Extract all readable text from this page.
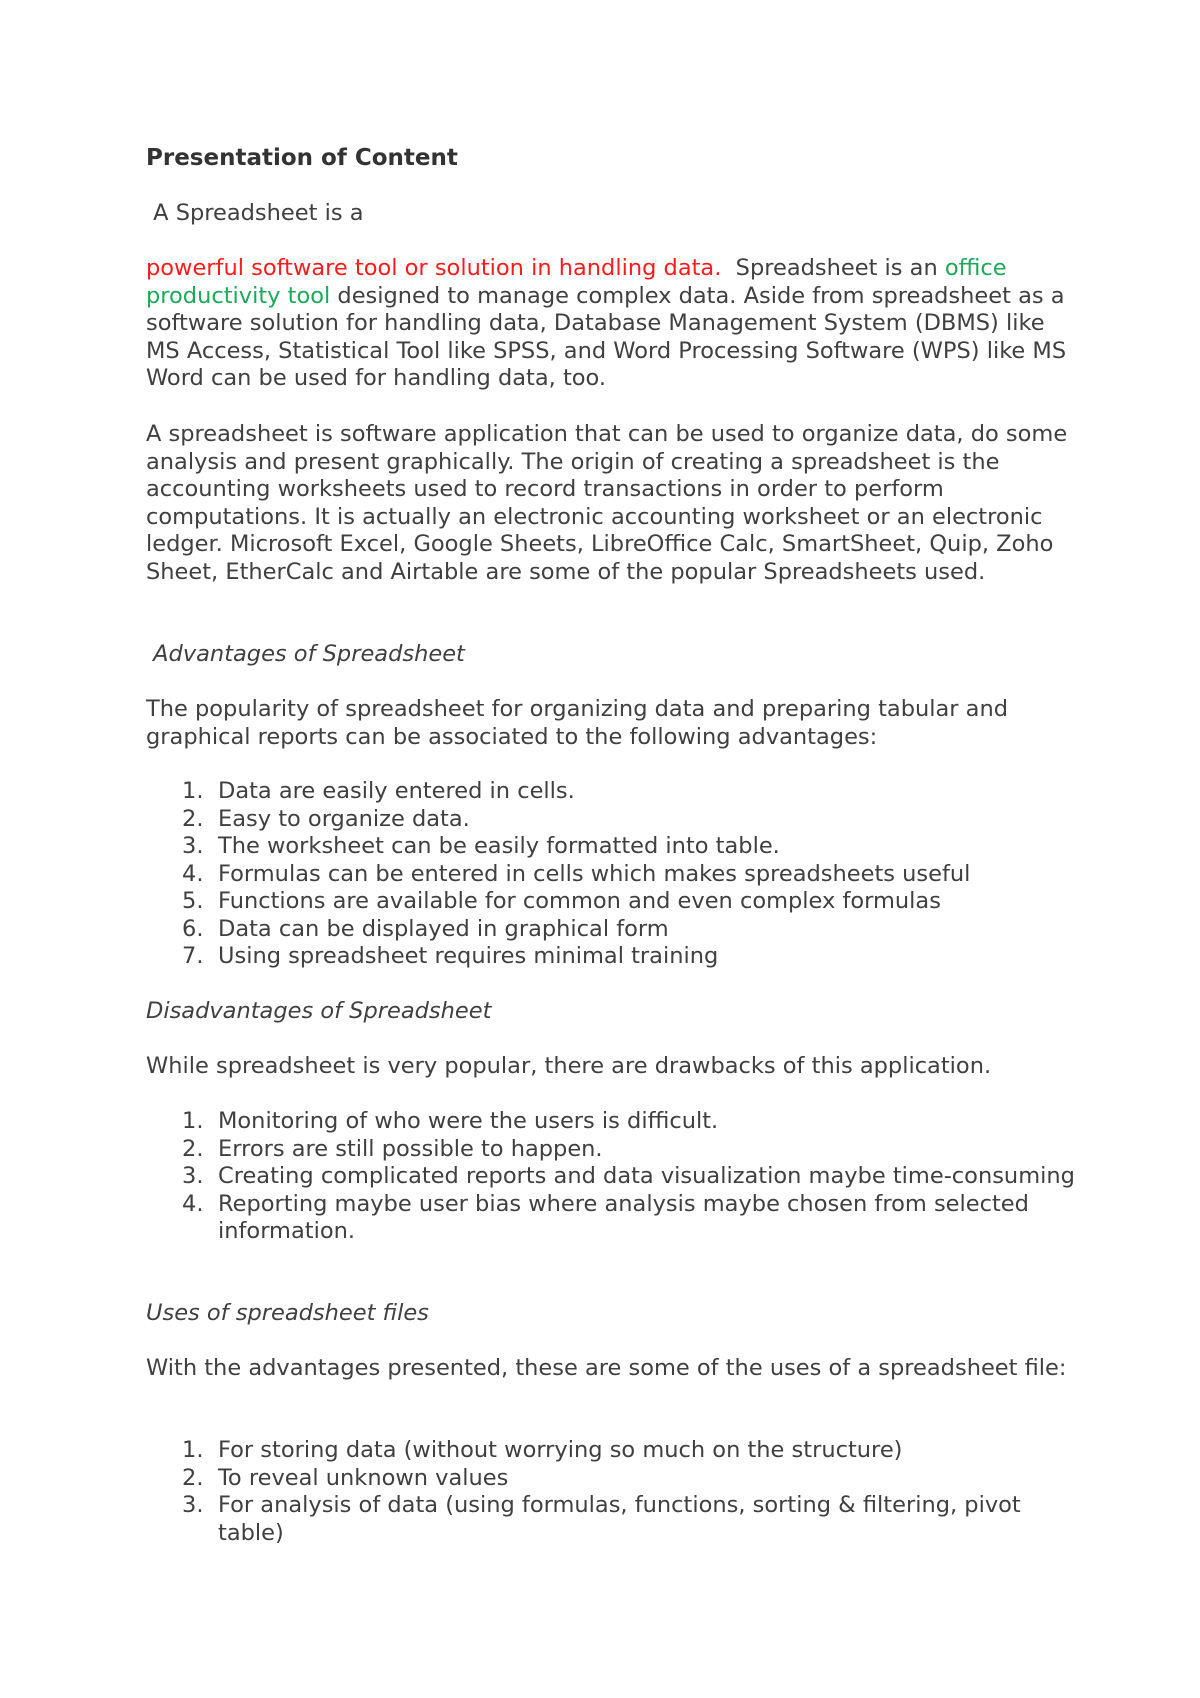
Presentation of Content

A Spreadsheet is a

powerful software tool or solution in handling data.  Spreadsheet is an office productivity tool designed to manage complex data. Aside from spreadsheet as a software solution for handling data, Database Management System (DBMS) like MS Access, Statistical Tool like SPSS, and Word Processing Software (WPS) like MS Word can be used for handling data, too.

A spreadsheet is software application that can be used to organize data, do some analysis and present graphically. The origin of creating a spreadsheet is the accounting worksheets used to record transactions in order to perform computations. It is actually an electronic accounting worksheet or an electronic ledger. Microsoft Excel, Google Sheets, LibreOffice Calc, SmartSheet, Quip, Zoho Sheet, EtherCalc and Airtable are some of the popular Spreadsheets used.

Advantages of Spreadsheet

The popularity of spreadsheet for organizing data and preparing tabular and graphical reports can be associated to the following advantages:

1. Data are easily entered in cells.
2. Easy to organize data.
3. The worksheet can be easily formatted into table.
4. Formulas can be entered in cells which makes spreadsheets useful
5. Functions are available for common and even complex formulas
6. Data can be displayed in graphical form
7. Using spreadsheet requires minimal training

Disadvantages of Spreadsheet

While spreadsheet is very popular, there are drawbacks of this application.

1. Monitoring of who were the users is difficult.
2. Errors are still possible to happen.
3. Creating complicated reports and data visualization maybe time-consuming
4. Reporting maybe user bias where analysis maybe chosen from selected information.

Uses of spreadsheet files

With the advantages presented, these are some of the uses of a spreadsheet file:

1. For storing data (without worrying so much on the structure)
2. To reveal unknown values
3. For analysis of data (using formulas, functions, sorting & filtering, pivot table)
